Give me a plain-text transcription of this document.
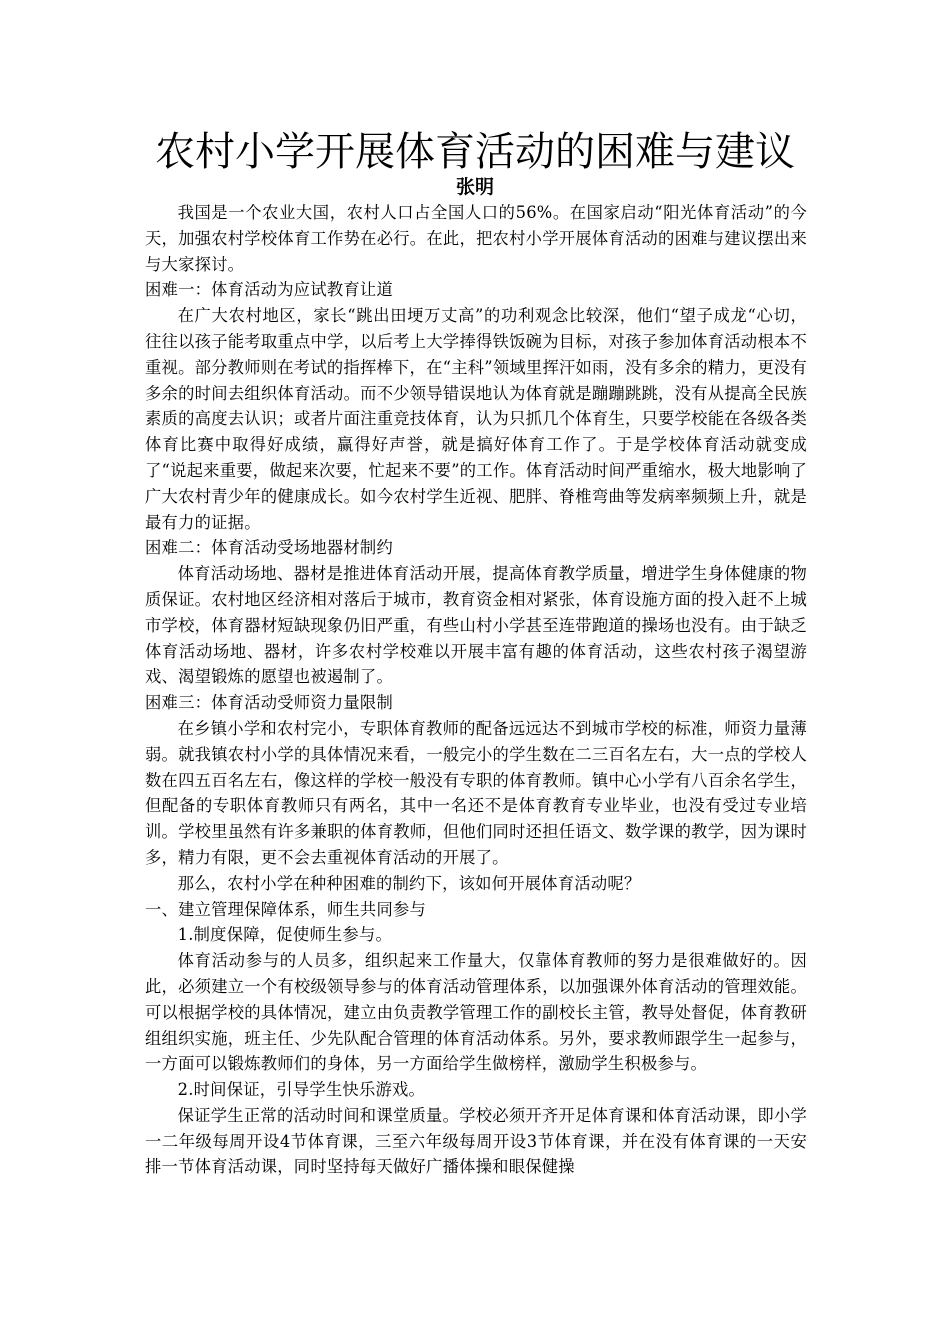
农村小学开展体育活动的困难与建议
张明

我国是一个农业大国，农村人口占全国人口的56%。在国家启动“阳光体育活动”的今天，加强农村学校体育工作势在必行。在此，把农村小学开展体育活动的困难与建议摆出来与大家探讨。

困难一：体育活动为应试教育让道

在广大农村地区，家长“跳出田埂万丈高”的功利观念比较深，他们“望子成龙“心切，往往以孩子能考取重点中学，以后考上大学捧得铁饭碗为目标，对孩子参加体育活动根本不重视。部分教师则在考试的指挥棒下，在“主科”领域里挥汗如雨，没有多余的精力，更没有多余的时间去组织体育活动。而不少领导错误地认为体育就是蹦蹦跳跳，没有从提高全民族素质的高度去认识；或者片面注重竞技体育，认为只抓几个体育生，只要学校能在各级各类体育比赛中取得好成绩，赢得好声誉，就是搞好体育工作了。于是学校体育活动就变成了“说起来重要，做起来次要，忙起来不要”的工作。体育活动时间严重缩水，极大地影响了广大农村青少年的健康成长。如今农村学生近视、肥胖、脊椎弯曲等发病率频频上升，就是最有力的证据。

困难二：体育活动受场地器材制约

体育活动场地、器材是推进体育活动开展，提高体育教学质量，增进学生身体健康的物质保证。农村地区经济相对落后于城市，教育资金相对紧张，体育设施方面的投入赶不上城市学校，体育器材短缺现象仍旧严重，有些山村小学甚至连带跑道的操场也没有。由于缺乏体育活动场地、器材，许多农村学校难以开展丰富有趣的体育活动，这些农村孩子渴望游戏、渴望锻炼的愿望也被遏制了。

困难三：体育活动受师资力量限制

在乡镇小学和农村完小，专职体育教师的配备远远达不到城市学校的标准，师资力量薄弱。就我镇农村小学的具体情况来看，一般完小的学生数在二三百名左右，大一点的学校人数在四五百名左右，像这样的学校一般没有专职的体育教师。镇中心小学有八百余名学生，但配备的专职体育教师只有两名，其中一名还不是体育教育专业毕业，也没有受过专业培训。学校里虽然有许多兼职的体育教师，但他们同时还担任语文、数学课的教学，因为课时多，精力有限，更不会去重视体育活动的开展了。

那么，农村小学在种种困难的制约下，该如何开展体育活动呢？

一、建立管理保障体系，师生共同参与

1.制度保障，促使师生参与。

体育活动参与的人员多，组织起来工作量大，仅靠体育教师的努力是很难做好的。因此，必须建立一个有校级领导参与的体育活动管理体系，以加强课外体育活动的管理效能。可以根据学校的具体情况，建立由负责教学管理工作的副校长主管，教导处督促，体育教研组组织实施，班主任、少先队配合管理的体育活动体系。另外，要求教师跟学生一起参与，一方面可以锻炼教师们的身体，另一方面给学生做榜样，激励学生积极参与。

2.时间保证，引导学生快乐游戏。

保证学生正常的活动时间和课堂质量。学校必须开齐开足体育课和体育活动课，即小学一二年级每周开设4节体育课，三至六年级每周开设3节体育课，并在没有体育课的一天安排一节体育活动课，同时坚持每天做好广播体操和眼保健操
